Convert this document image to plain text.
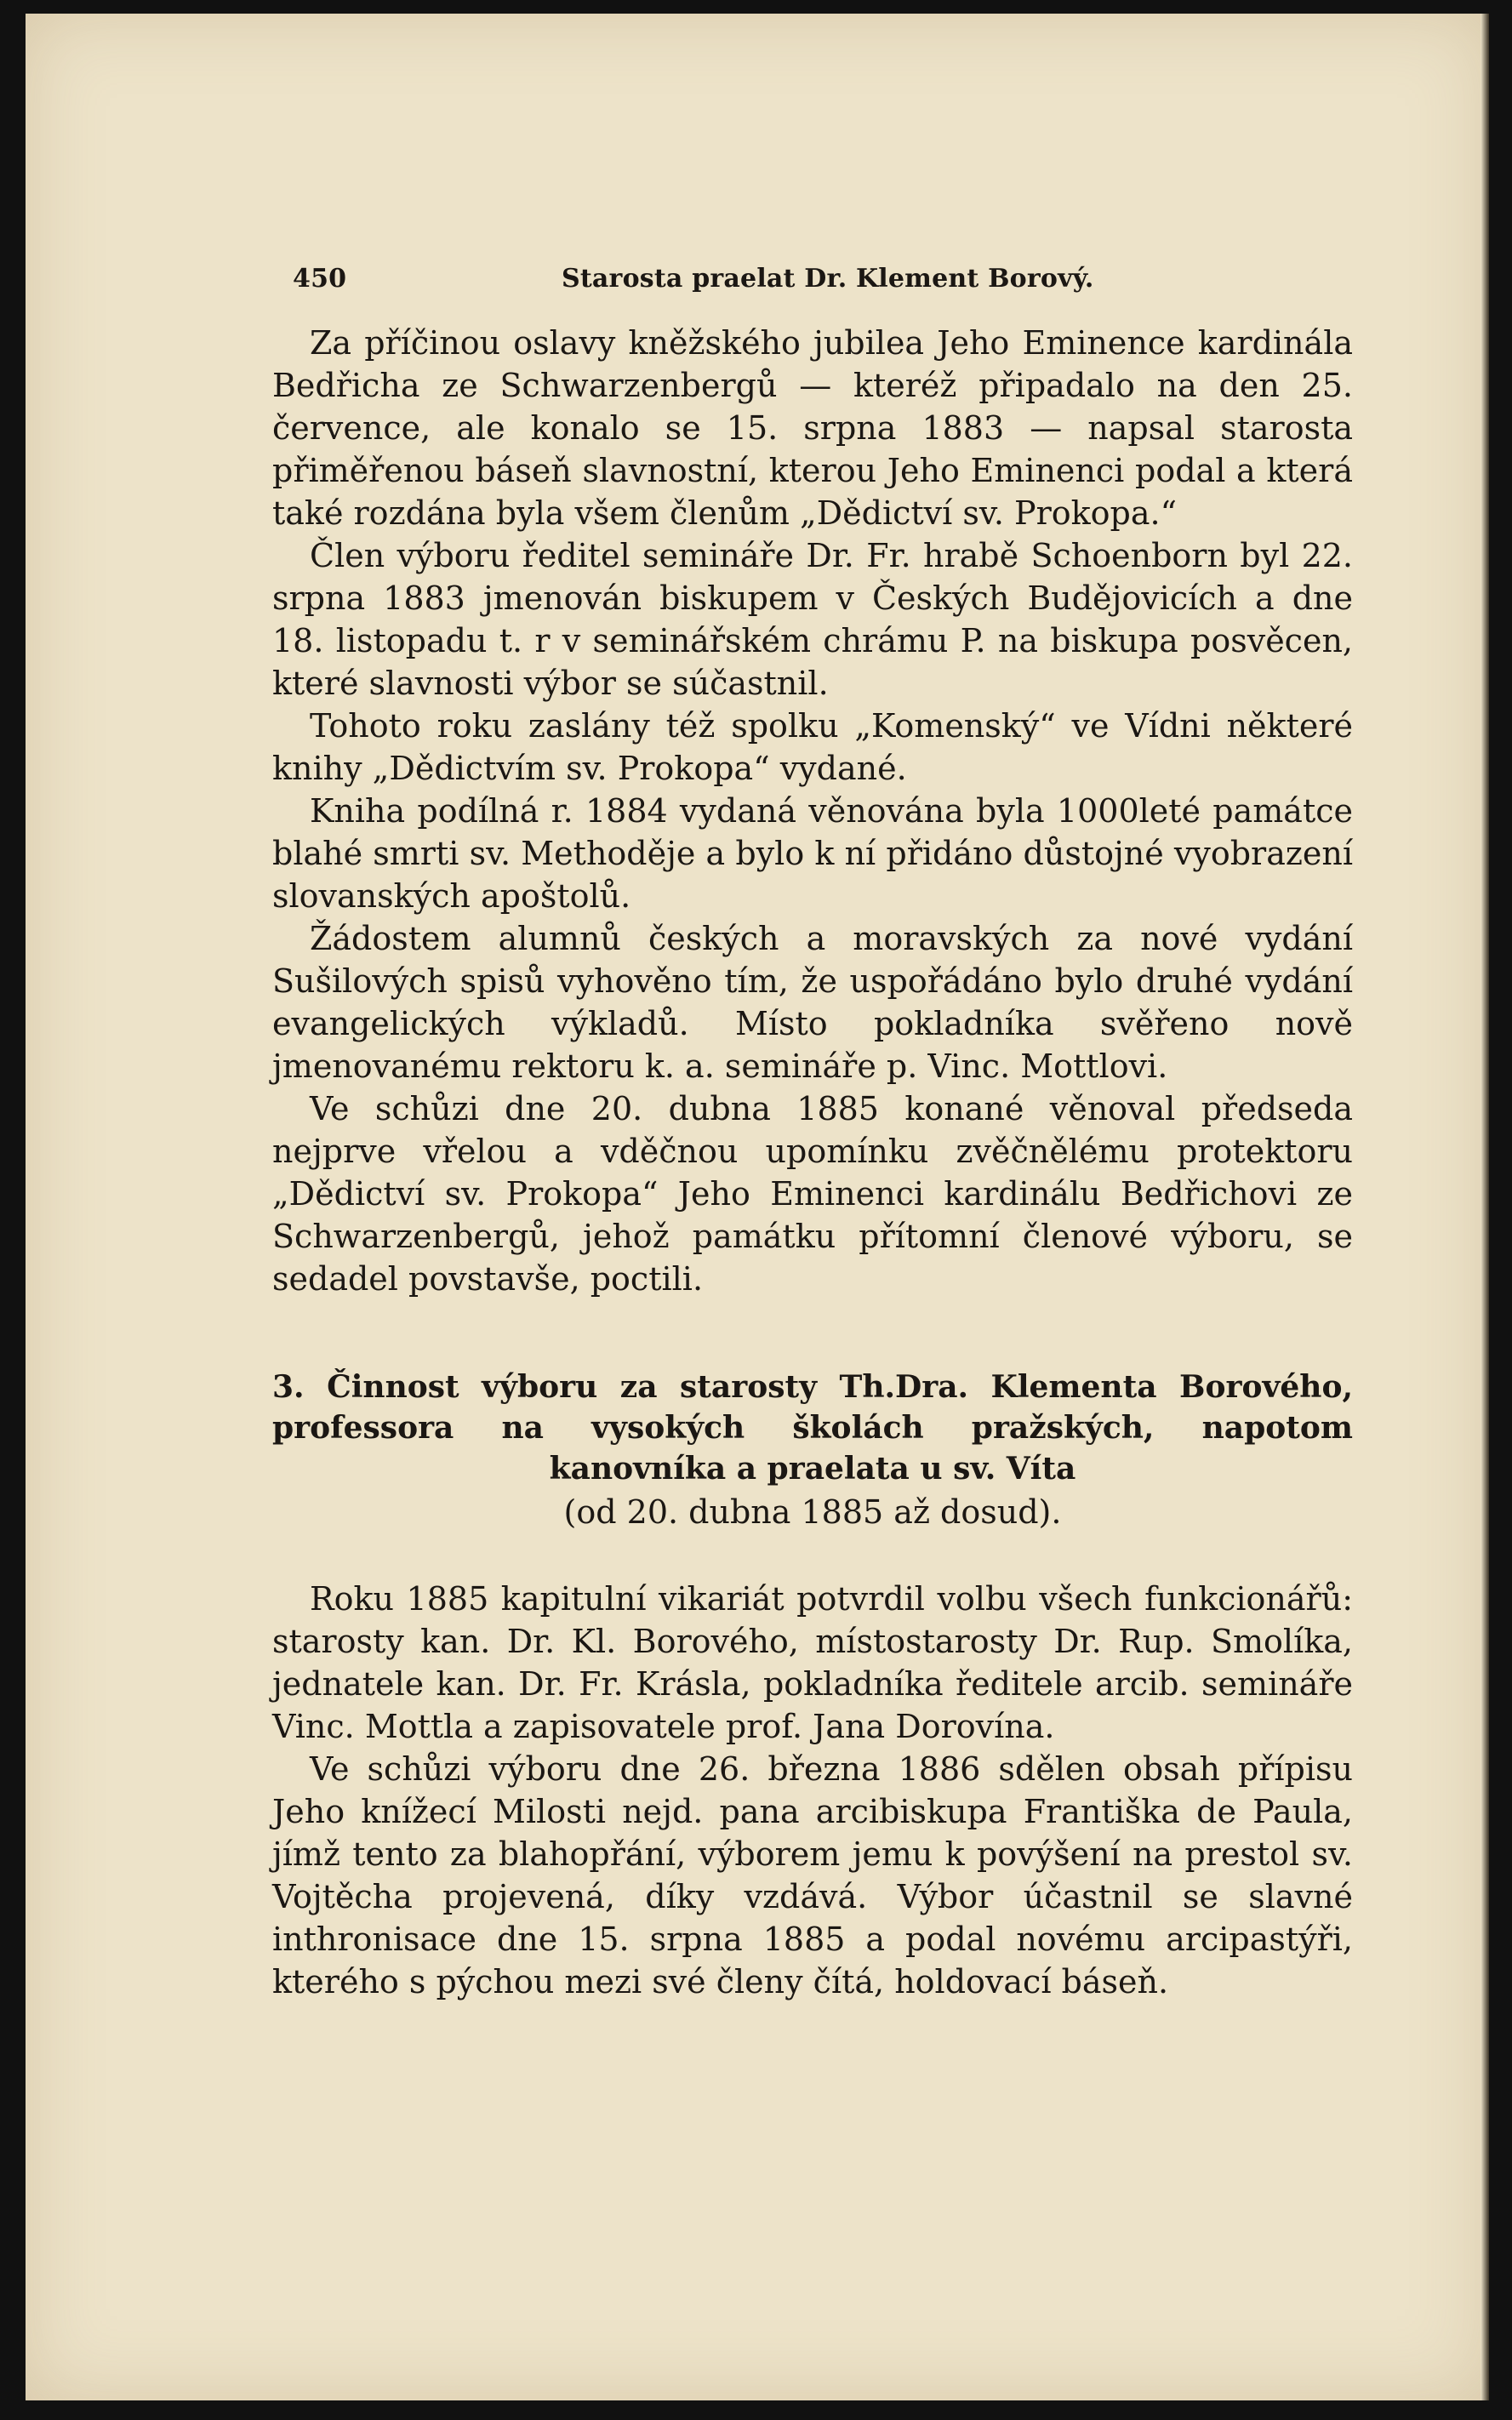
450	Starosta praelat Dr. Klement Borový.

Za příčinou oslavy kněžského jubilea Jeho Eminence kardinála Bedřicha ze Schwarzenbergů — kteréž připadalo na den 25. července, ale konalo se 15. srpna 1883 — napsal starosta přiměřenou báseň slavnostní, kterou Jeho Eminenci podal a která také rozdána byla všem členům „Dědictví sv. Prokopa.“

Člen výboru ředitel semináře Dr. Fr. hrabě Schoenborn byl 22. srpna 1883 jmenován biskupem v Českých Budějovicích a dne 18. listopadu t. r v seminářském chrámu P. na biskupa posvěcen, které slavnosti výbor se súčastnil.

Tohoto roku zaslány též spolku „Komenský“ ve Vídni některé knihy „Dědictvím sv. Prokopa“ vydané.

Kniha podílná r. 1884 vydaná věnována byla 1000leté památce blahé smrti sv. Methoděje a bylo k ní přidáno důstojné vyobrazení slovanských apoštolů.

Žádostem alumnů českých a moravských za nové vydání Sušilových spisů vyhověno tím, že uspořádáno bylo druhé vydání evangelických výkladů. Místo pokladníka svěřeno nově jmenovanému rektoru k. a. semináře p. Vinc. Mottlovi.

Ve schůzi dne 20. dubna 1885 konané věnoval předseda nejprve vřelou a vděčnou upomínku zvěčnělému protektoru „Dědictví sv. Prokopa“ Jeho Eminenci kardinálu Bedřichovi ze Schwarzenbergů, jehož památku přítomní členové výboru, se sedadel povstavše, poctili.

3. Činnost výboru za starosty Th.Dra. Klementa Borového, professora na vysokých školách pražských, napotom kanovníka a praelata u sv. Víta
(od 20. dubna 1885 až dosud).

Roku 1885 kapitulní vikariát potvrdil volbu všech funkcionářů: starosty kan. Dr. Kl. Borového, místostarosty Dr. Rup. Smolíka, jednatele kan. Dr. Fr. Krásla, pokladníka ředitele arcib. semináře Vinc. Mottla a zapisovatele prof. Jana Dorovína.

Ve schůzi výboru dne 26. března 1886 sdělen obsah přípisu Jeho knížecí Milosti nejd. pana arcibiskupa Františka de Paula, jímž tento za blahopřání, výborem jemu k povýšení na prestol sv. Vojtěcha projevená, díky vzdává. Výbor účastnil se slavné inthronisace dne 15. srpna 1885 a podal novému arcipastýři, kterého s pýchou mezi své členy čítá, holdovací báseň.
